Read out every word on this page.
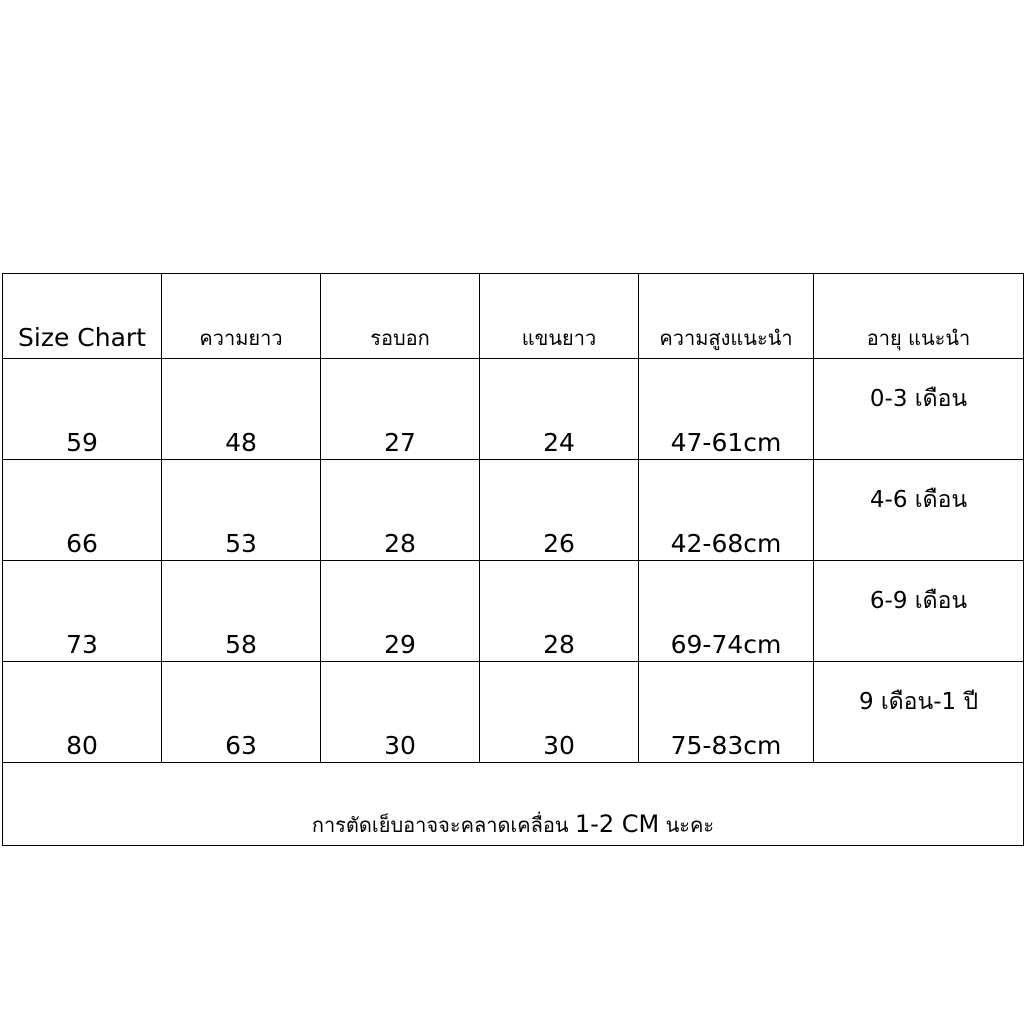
Size Chart	ความยาว	รอบอก	แขนยาว	ความสูงแนะนำ	อายุ แนะนำ
59	48	27	24	47-61cm	0-3 เดือน
66	53	28	26	42-68cm	4-6 เดือน
73	58	29	28	69-74cm	6-9 เดือน
80	63	30	30	75-83cm	9 เดือน-1 ปี
การตัดเย็บอาจจะคลาดเคลื่อน 1-2 CM นะคะ					
